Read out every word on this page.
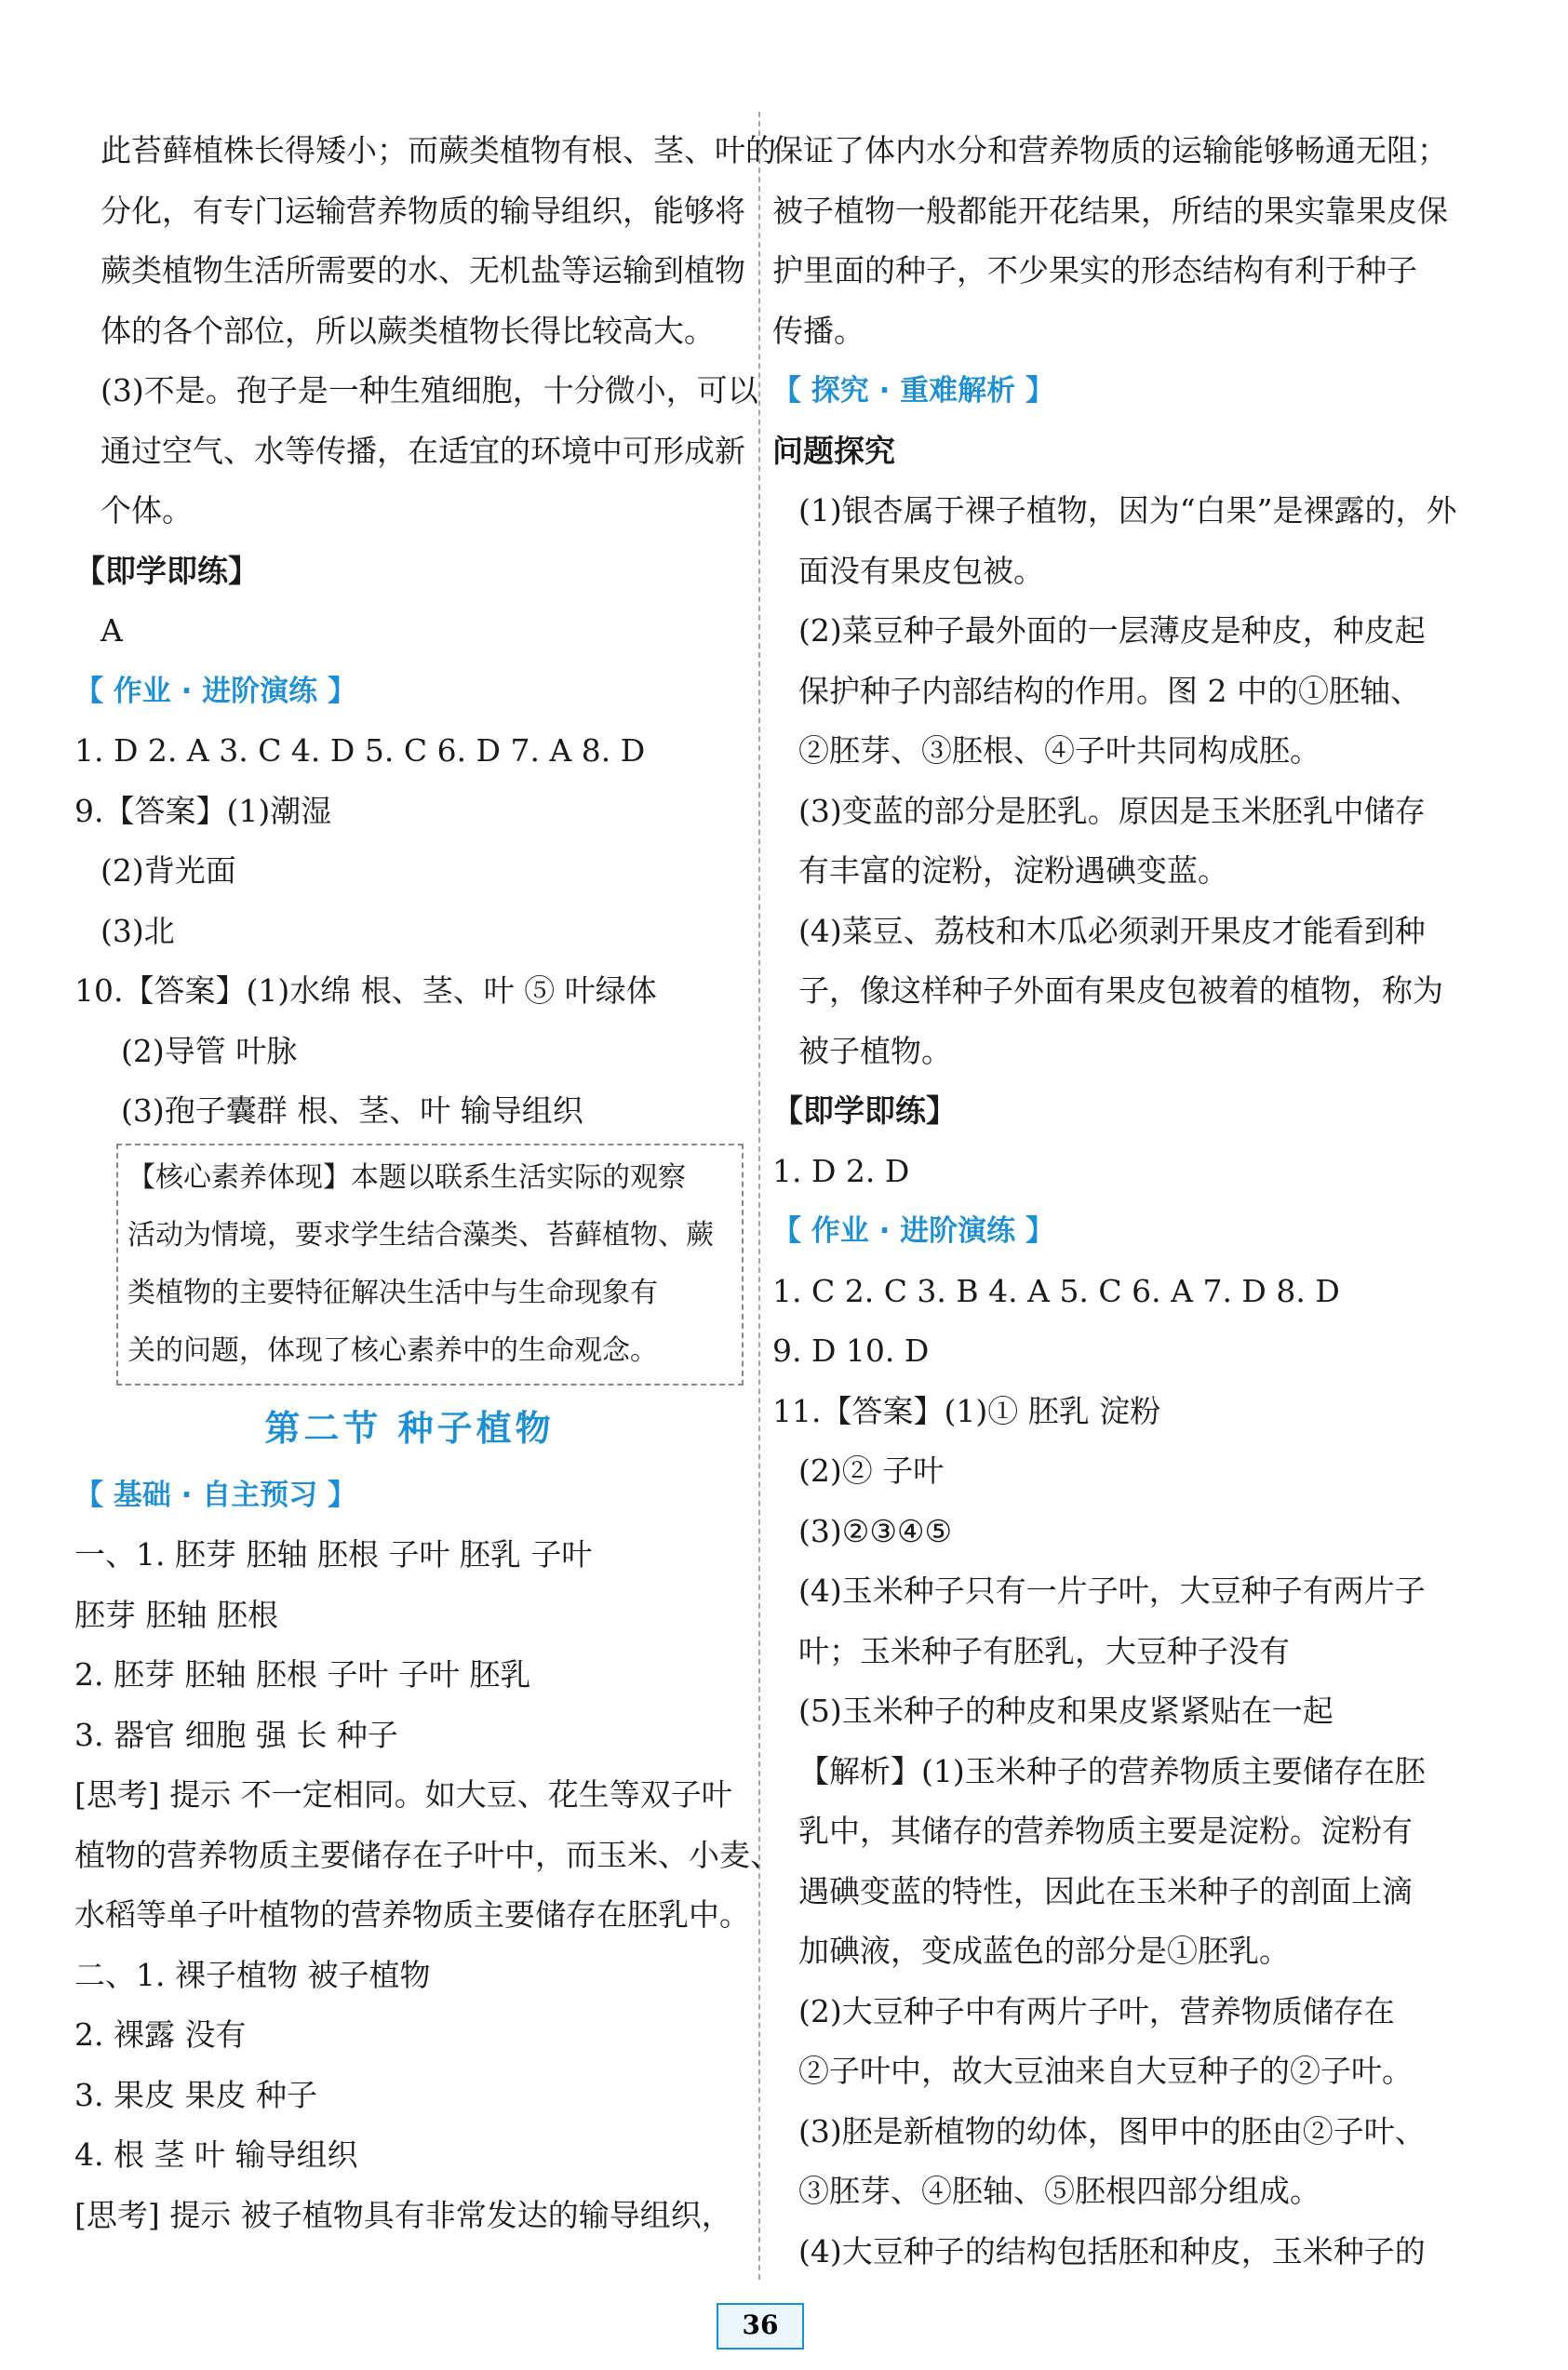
此苔藓植株长得矮小；而蕨类植物有根、茎、叶的
分化，有专门运输营养物质的输导组织，能够将
蕨类植物生活所需要的水、无机盐等运输到植物
体的各个部位，所以蕨类植物长得比较高大。
(3)不是。孢子是一种生殖细胞，十分微小，可以
通过空气、水等传播，在适宜的环境中可形成新
个体。
【即学即练】
A
【 作业 · 进阶演练 】
1. D 2. A 3. C 4. D 5. C 6. D 7. A 8. D
9.【答案】(1)潮湿
(2)背光面
(3)北
10.【答案】(1)水绵 根、茎、叶 ⑤ 叶绿体
(2)导管 叶脉
(3)孢子囊群 根、茎、叶 输导组织
【核心素养体现】本题以联系生活实际的观察
活动为情境，要求学生结合藻类、苔藓植物、蕨
类植物的主要特征解决生活中与生命现象有
关的问题，体现了核心素养中的生命观念。
第二节 种子植物
【 基础 · 自主预习 】
一、1. 胚芽 胚轴 胚根 子叶 胚乳 子叶
胚芽 胚轴 胚根
2. 胚芽 胚轴 胚根 子叶 子叶 胚乳
3. 器官 细胞 强 长 种子
[思考] 提示 不一定相同。如大豆、花生等双子叶
植物的营养物质主要储存在子叶中，而玉米、小麦、
水稻等单子叶植物的营养物质主要储存在胚乳中。
二、1. 裸子植物 被子植物
2. 裸露 没有
3. 果皮 果皮 种子
4. 根 茎 叶 输导组织
[思考] 提示 被子植物具有非常发达的输导组织，
保证了体内水分和营养物质的运输能够畅通无阻；
被子植物一般都能开花结果，所结的果实靠果皮保
护里面的种子，不少果实的形态结构有利于种子
传播。
【 探究 · 重难解析 】
问题探究
(1)银杏属于裸子植物，因为“白果”是裸露的，外
面没有果皮包被。
(2)菜豆种子最外面的一层薄皮是种皮，种皮起
保护种子内部结构的作用。图 2 中的①胚轴、
②胚芽、③胚根、④子叶共同构成胚。
(3)变蓝的部分是胚乳。原因是玉米胚乳中储存
有丰富的淀粉，淀粉遇碘变蓝。
(4)菜豆、荔枝和木瓜必须剥开果皮才能看到种
子，像这样种子外面有果皮包被着的植物，称为
被子植物。
【即学即练】
1. D 2. D
【 作业 · 进阶演练 】
1. C 2. C 3. B 4. A 5. C 6. A 7. D 8. D
9. D 10. D
11.【答案】(1)① 胚乳 淀粉
(2)② 子叶
(3)②③④⑤
(4)玉米种子只有一片子叶，大豆种子有两片子
叶；玉米种子有胚乳，大豆种子没有
(5)玉米种子的种皮和果皮紧紧贴在一起
【解析】(1)玉米种子的营养物质主要储存在胚
乳中，其储存的营养物质主要是淀粉。淀粉有
遇碘变蓝的特性，因此在玉米种子的剖面上滴
加碘液，变成蓝色的部分是①胚乳。
(2)大豆种子中有两片子叶，营养物质储存在
②子叶中，故大豆油来自大豆种子的②子叶。
(3)胚是新植物的幼体，图甲中的胚由②子叶、
③胚芽、④胚轴、⑤胚根四部分组成。
(4)大豆种子的结构包括胚和种皮，玉米种子的
36
